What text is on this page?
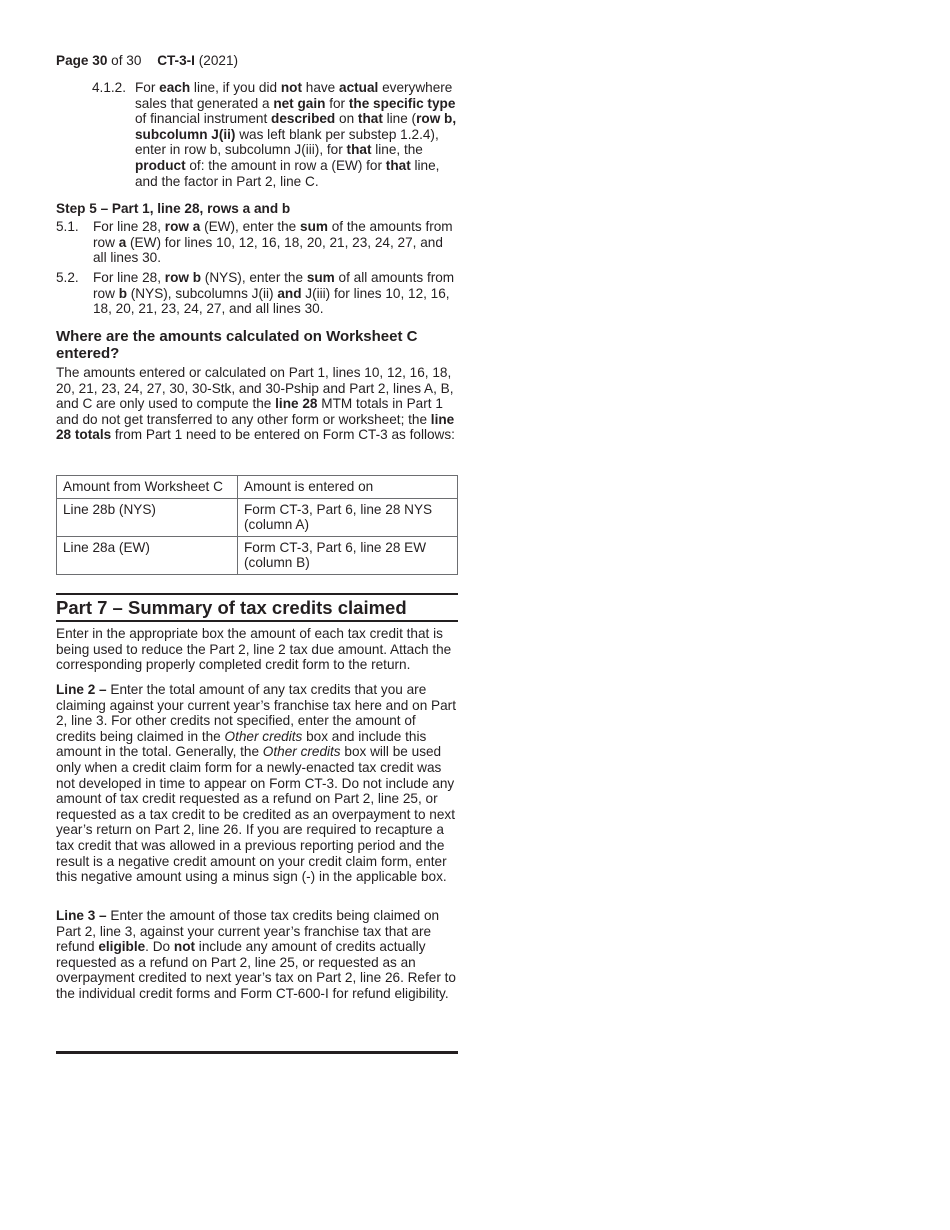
Page 30 of 30 CT-3-I (2021)
4.1.2. For each line, if you did not have actual everywhere sales that generated a net gain for the specific type of financial instrument described on that line (row b, subcolumn J(ii) was left blank per substep 1.2.4), enter in row b, subcolumn J(iii), for that line, the product of: the amount in row a (EW) for that line, and the factor in Part 2, line C.
Step 5 – Part 1, line 28, rows a and b
5.1. For line 28, row a (EW), enter the sum of the amounts from row a (EW) for lines 10, 12, 16, 18, 20, 21, 23, 24, 27, and all lines 30.
5.2. For line 28, row b (NYS), enter the sum of all amounts from row b (NYS), subcolumns J(ii) and J(iii) for lines 10, 12, 16, 18, 20, 21, 23, 24, 27, and all lines 30.
Where are the amounts calculated on Worksheet C entered?
The amounts entered or calculated on Part 1, lines 10, 12, 16, 18, 20, 21, 23, 24, 27, 30, 30-Stk, and 30-Pship and Part 2, lines A, B, and C are only used to compute the line 28 MTM totals in Part 1 and do not get transferred to any other form or worksheet; the line 28 totals from Part 1 need to be entered on Form CT-3 as follows:
Amount from Worksheet C	Amount is entered on
Line 28b (NYS)	Form CT-3, Part 6, line 28 NYS (column A)
Line 28a (EW)	Form CT-3, Part 6, line 28 EW (column B)
Part 7 – Summary of tax credits claimed
Enter in the appropriate box the amount of each tax credit that is being used to reduce the Part 2, line 2 tax due amount. Attach the corresponding properly completed credit form to the return.
Line 2 – Enter the total amount of any tax credits that you are claiming against your current year’s franchise tax here and on Part 2, line 3. For other credits not specified, enter the amount of credits being claimed in the Other credits box and include this amount in the total. Generally, the Other credits box will be used only when a credit claim form for a newly-enacted tax credit was not developed in time to appear on Form CT-3. Do not include any amount of tax credit requested as a refund on Part 2, line 25, or requested as a tax credit to be credited as an overpayment to next year’s return on Part 2, line 26. If you are required to recapture a tax credit that was allowed in a previous reporting period and the result is a negative credit amount on your credit claim form, enter this negative amount using a minus sign (-) in the applicable box.
Line 3 – Enter the amount of those tax credits being claimed on Part 2, line 3, against your current year’s franchise tax that are refund eligible. Do not include any amount of credits actually requested as a refund on Part 2, line 25, or requested as an overpayment credited to next year’s tax on Part 2, line 26. Refer to the individual credit forms and Form CT-600-I for refund eligibility.
